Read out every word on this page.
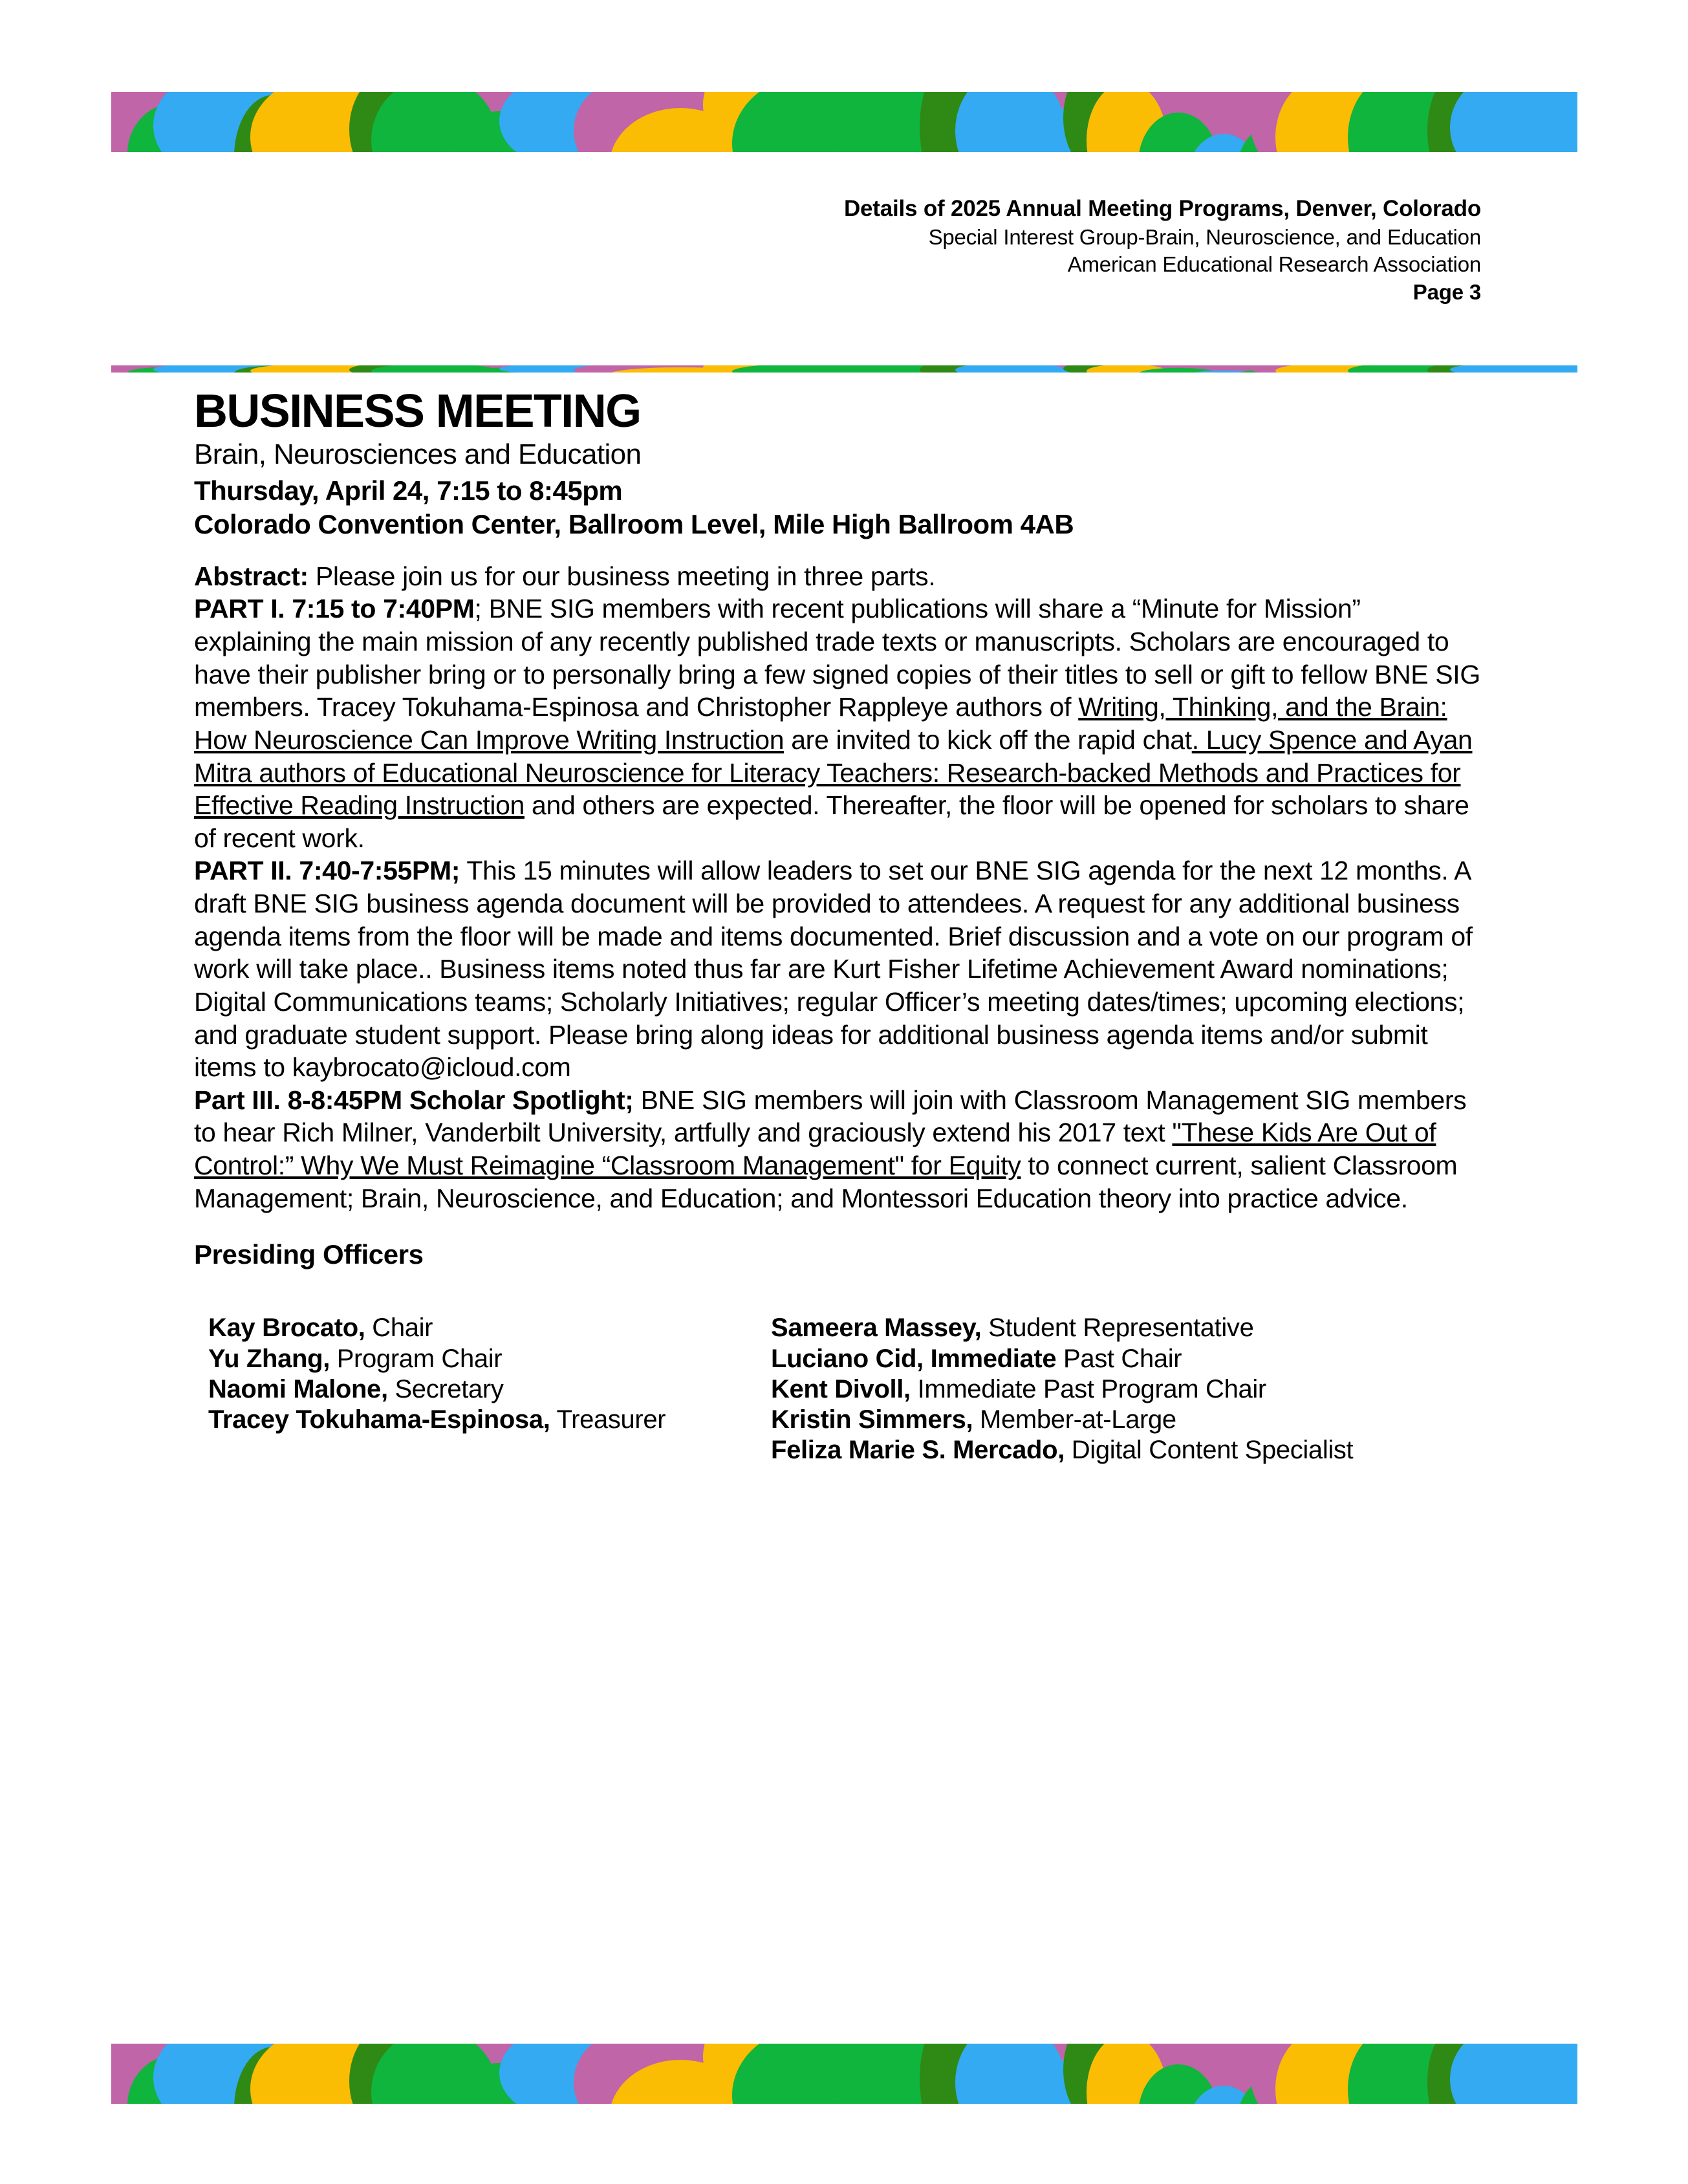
Details of 2025 Annual Meeting Programs, Denver, Colorado
Special Interest Group-Brain, Neuroscience, and Education
American Educational Research Association
Page 3
BUSINESS MEETING
Brain, Neurosciences and Education
Thursday, April 24, 7:15 to 8:45pm
Colorado Convention Center, Ballroom Level, Mile High Ballroom 4AB

Abstract: Please join us for our business meeting in three parts.

PART I. 7:15 to 7:40PM; BNE SIG members with recent publications will share a “Minute for Mission” explaining the main mission of any recently published trade texts or manuscripts. Scholars are encouraged to have their publisher bring or to personally bring a few signed copies of their titles to sell or gift to fellow BNE SIG members. Tracey Tokuhama-Espinosa and Christopher Rappleye authors of Writing, Thinking, and the Brain: How Neuroscience Can Improve Writing Instruction are invited to kick off the rapid chat. Lucy Spence and Ayan Mitra authors of Educational Neuroscience for Literacy Teachers: Research-backed Methods and Practices for Effective Reading Instruction and others are expected. Thereafter, the floor will be opened for scholars to share of recent work.

PART II. 7:40-7:55PM; This 15 minutes will allow leaders to set our BNE SIG agenda for the next 12 months. A draft BNE SIG business agenda document will be provided to attendees. A request for any additional business agenda items from the floor will be made and items documented. Brief discussion and a vote on our program of work will take place.. Business items noted thus far are Kurt Fisher Lifetime Achievement Award nominations; Digital Communications teams; Scholarly Initiatives; regular Officer’s meeting dates/times; upcoming elections; and graduate student support. Please bring along ideas for additional business agenda items and/or submit items to kaybrocato@icloud.com

Part III. 8-8:45PM Scholar Spotlight; BNE SIG members will join with Classroom Management SIG members to hear Rich Milner, Vanderbilt University, artfully and graciously extend his 2017 text "These Kids Are Out of Control:” Why We Must Reimagine “Classroom Management" for Equity to connect current, salient Classroom Management; Brain, Neuroscience, and Education; and Montessori Education theory into practice advice.

Presiding Officers
Kay Brocato, Chair
Yu Zhang, Program Chair
Naomi Malone, Secretary
Tracey Tokuhama-Espinosa, Treasurer
Sameera Massey, Student Representative
Luciano Cid, Immediate Past Chair
Kent Divoll, Immediate Past Program Chair
Kristin Simmers, Member-at-Large
Feliza Marie S. Mercado, Digital Content Specialist
